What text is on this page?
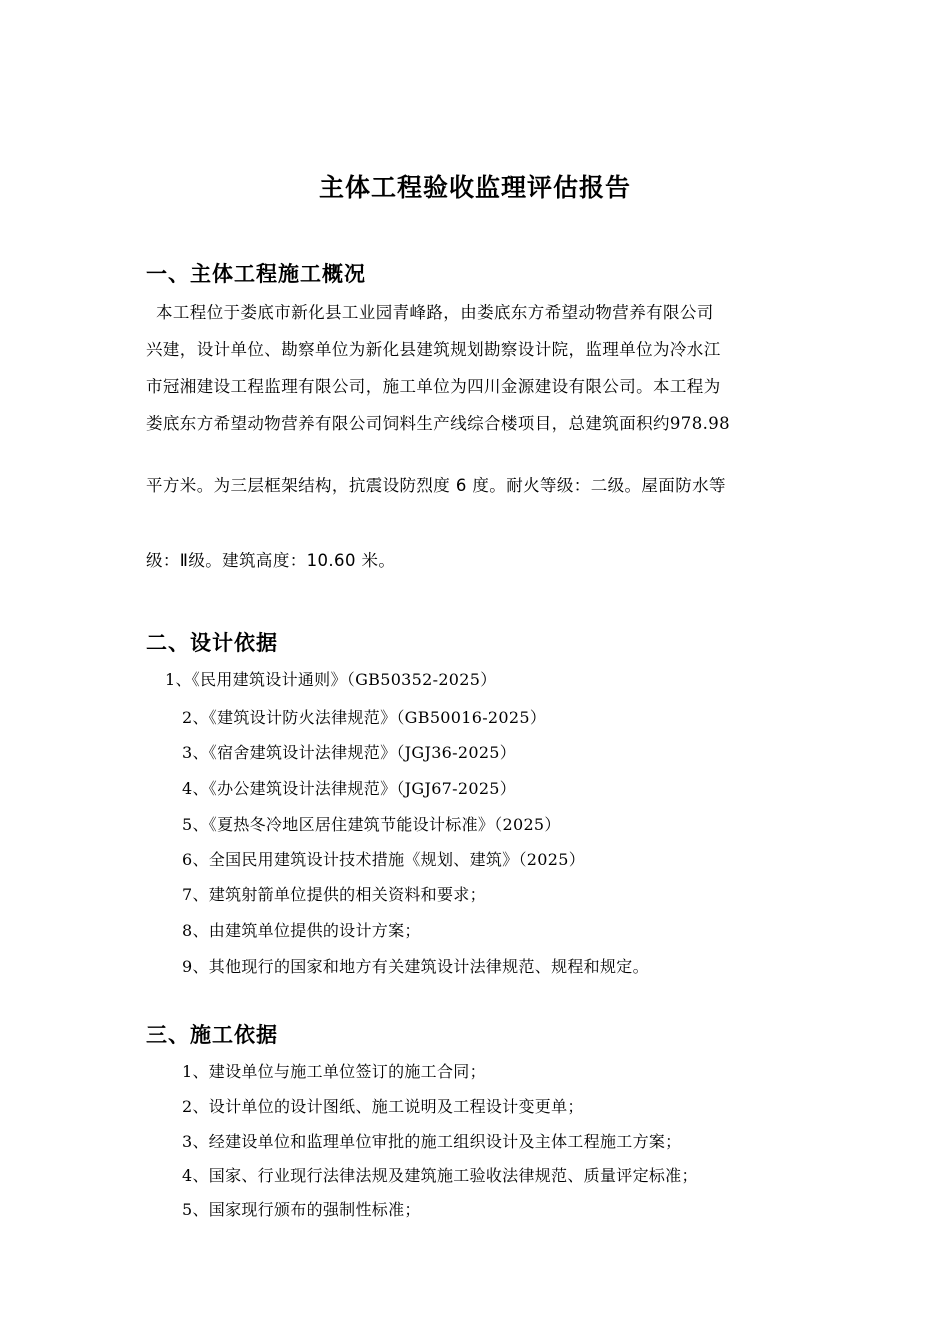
主体工程验收监理评估报告
一、主体工程施工概况
本工程位于娄底市新化县工业园青峰路，由娄底东方希望动物营养有限公司
兴建，设计单位、勘察单位为新化县建筑规划勘察设计院，监理单位为冷水江
市冠湘建设工程监理有限公司，施工单位为四川金源建设有限公司。本工程为
娄底东方希望动物营养有限公司饲料生产线综合楼项目，总建筑面积约978.98
平方米。为三层框架结构，抗震设防烈度 6 度。耐火等级：二级。屋面防水等
级：Ⅱ级。建筑高度：10.60 米。
二、设计依据
1、《民用建筑设计通则》（GB50352-2025）
2、《建筑设计防火法律规范》（GB50016-2025）
3、《宿舍建筑设计法律规范》（JGJ36-2025）
4、《办公建筑设计法律规范》（JGJ67-2025）
5、《夏热冬冷地区居住建筑节能设计标准》（2025）
6、全国民用建筑设计技术措施《规划、建筑》（2025）
7、建筑射箭单位提供的相关资料和要求；
8、由建筑单位提供的设计方案；
9、其他现行的国家和地方有关建筑设计法律规范、规程和规定。
三、施工依据
1、建设单位与施工单位签订的施工合同；
2、设计单位的设计图纸、施工说明及工程设计变更单；
3、经建设单位和监理单位审批的施工组织设计及主体工程施工方案；
4、国家、行业现行法律法规及建筑施工验收法律规范、质量评定标准；
5、国家现行颁布的强制性标准；
